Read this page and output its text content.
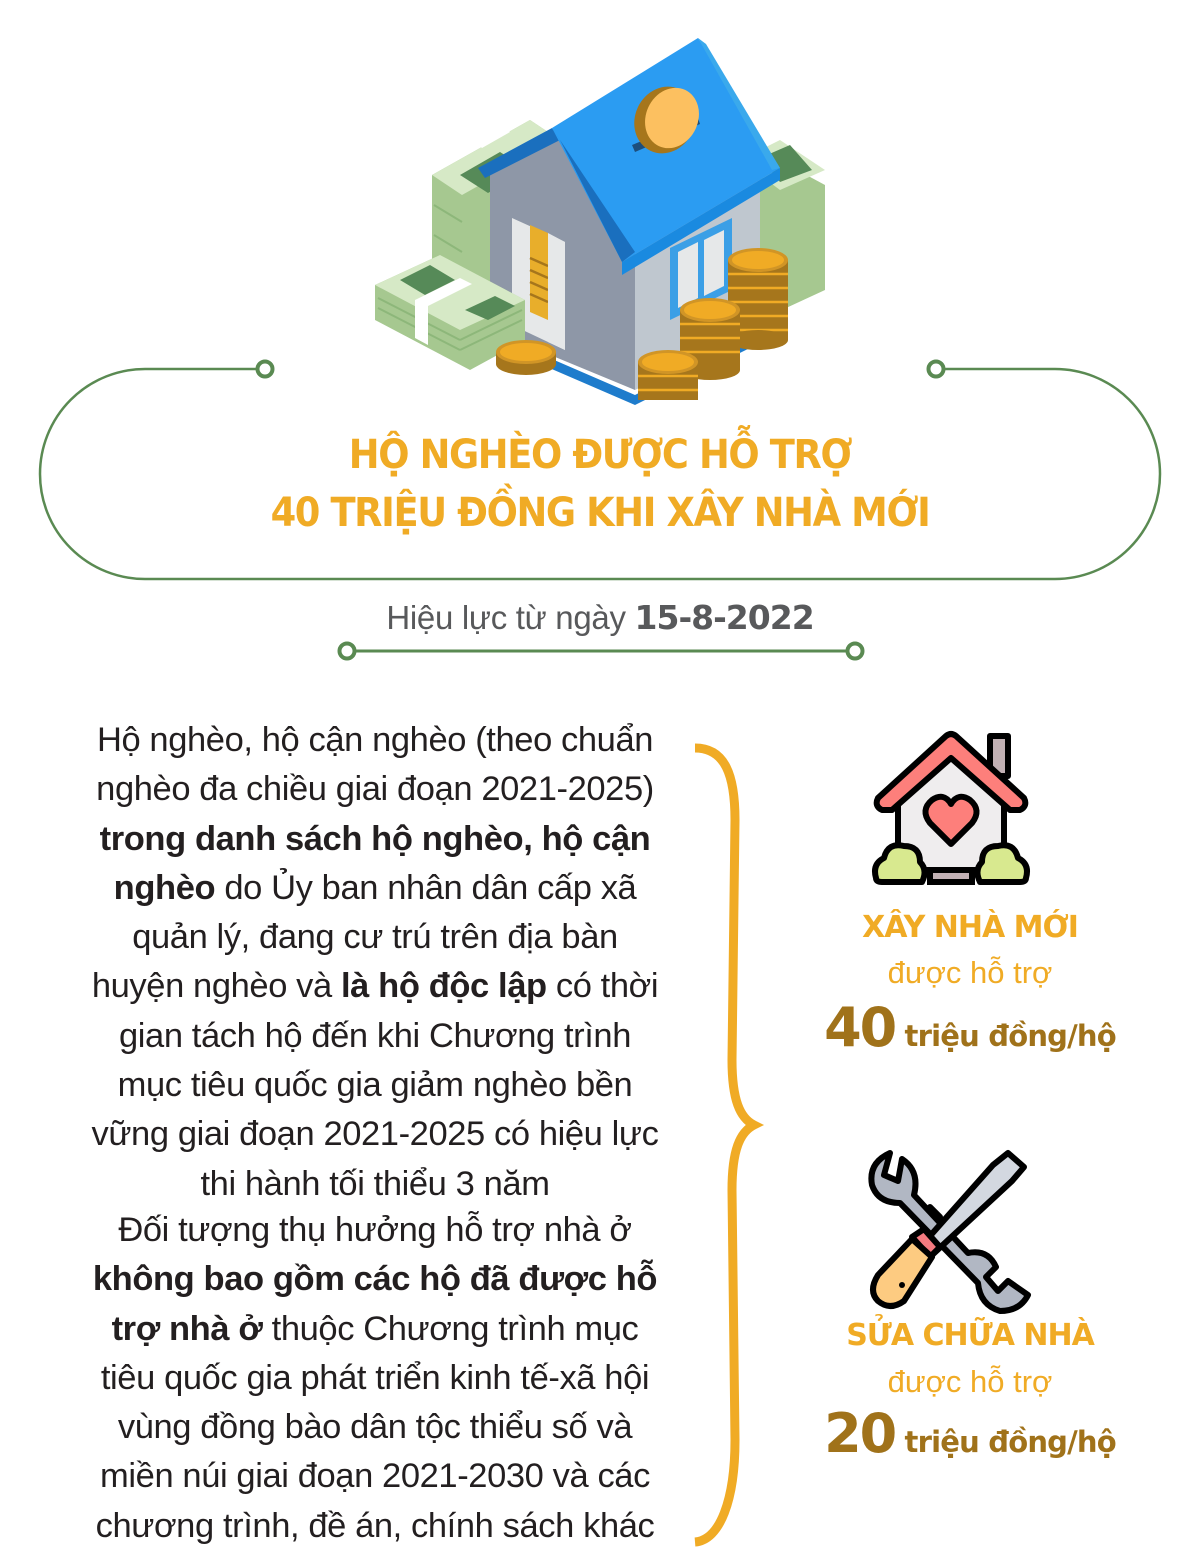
HỘ NGHÈO ĐƯỢC HỖ TRỢ
40 TRIỆU ĐỒNG KHI XÂY NHÀ MỚI
Hiệu lực từ ngày 15-8-2022
Hộ nghèo, hộ cận nghèo (theo chuẩn
nghèo đa chiều giai đoạn 2021-2025)
trong danh sách hộ nghèo, hộ cận
nghèo do Ủy ban nhân dân cấp xã
quản lý, đang cư trú trên địa bàn
huyện nghèo và là hộ độc lập có thời
gian tách hộ đến khi Chương trình
mục tiêu quốc gia giảm nghèo bền
vững giai đoạn 2021-2025 có hiệu lực
thi hành tối thiểu 3 năm
Đối tượng thụ hưởng hỗ trợ nhà ở
không bao gồm các hộ đã được hỗ
trợ nhà ở thuộc Chương trình mục
tiêu quốc gia phát triển kinh tế-xã hội
vùng đồng bào dân tộc thiểu số và
miền núi giai đoạn 2021-2030 và các
chương trình, đề án, chính sách khác
XÂY NHÀ MỚI
được hỗ trợ
40 triệu đồng/hộ
SỬA CHỮA NHÀ
được hỗ trợ
20 triệu đồng/hộ
